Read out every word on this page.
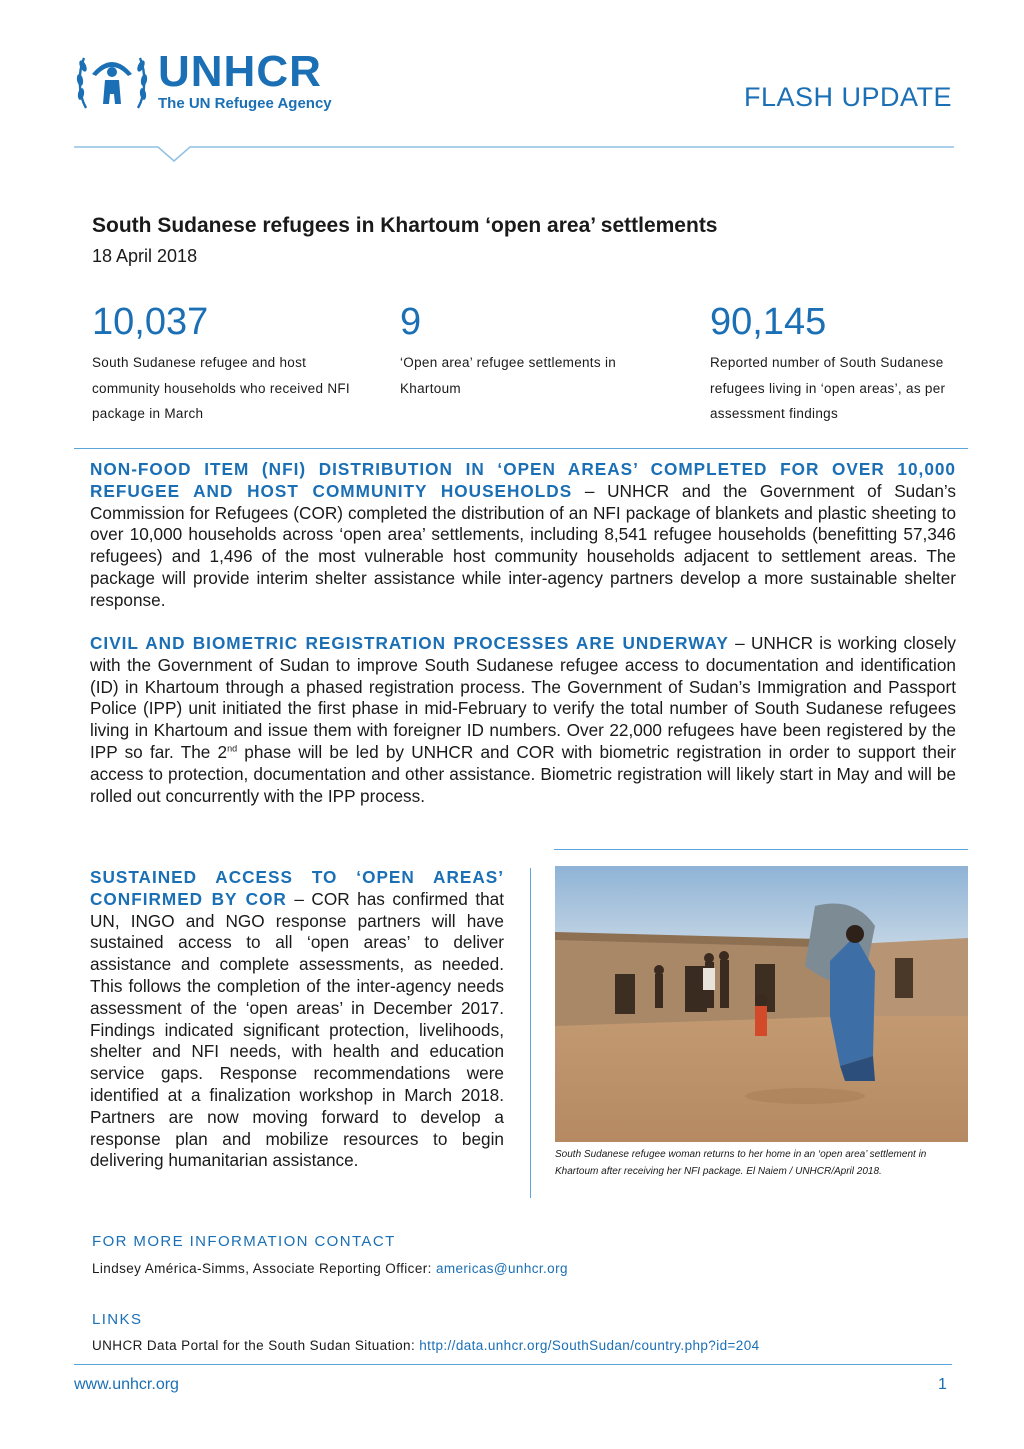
UNHCR
The UN Refugee Agency	FLASH UPDATE
South Sudanese refugees in Khartoum ‘open area’ settlements
18 April 2018
10,037
South Sudanese refugee and host community households who received NFI package in March
9
‘Open area’ refugee settlements in Khartoum
90,145
Reported number of South Sudanese refugees living in ‘open areas’, as per assessment findings
NON-FOOD ITEM (NFI) DISTRIBUTION IN ‘OPEN AREAS’ COMPLETED FOR OVER 10,000 REFUGEE AND HOST COMMUNITY HOUSEHOLDS – UNHCR and the Government of Sudan’s Commission for Refugees (COR) completed the distribution of an NFI package of blankets and plastic sheeting to over 10,000 households across ‘open area’ settlements, including 8,541 refugee households (benefitting 57,346 refugees) and 1,496 of the most vulnerable host community households adjacent to settlement areas. The package will provide interim shelter assistance while inter-agency partners develop a more sustainable shelter response.
CIVIL AND BIOMETRIC REGISTRATION PROCESSES ARE UNDERWAY – UNHCR is working closely with the Government of Sudan to improve South Sudanese refugee access to documentation and identification (ID) in Khartoum through a phased registration process. The Government of Sudan’s Immigration and Passport Police (IPP) unit initiated the first phase in mid-February to verify the total number of South Sudanese refugees living in Khartoum and issue them with foreigner ID numbers. Over 22,000 refugees have been registered by the IPP so far. The 2nd phase will be led by UNHCR and COR with biometric registration in order to support their access to protection, documentation and other assistance. Biometric registration will likely start in May and will be rolled out concurrently with the IPP process.
SUSTAINED ACCESS TO ‘OPEN AREAS’ CONFIRMED BY COR – COR has confirmed that UN, INGO and NGO response partners will have sustained access to all ‘open areas’ to deliver assistance and complete assessments, as needed. This follows the completion of the inter-agency needs assessment of the ‘open areas’ in December 2017. Findings indicated significant protection, livelihoods, shelter and NFI needs, with health and education service gaps. Response recommendations were identified at a finalization workshop in March 2018. Partners are now moving forward to develop a response plan and mobilize resources to begin delivering humanitarian assistance.	South Sudanese refugee woman returns to her home in an ‘open area’ settlement in Khartoum after receiving her NFI package. El Naiem / UNHCR/April 2018.
FOR MORE INFORMATION CONTACT
Lindsey América-Simms, Associate Reporting Officer: americas@unhcr.org
LINKS
UNHCR Data Portal for the South Sudan Situation: http://data.unhcr.org/SouthSudan/country.php?id=204
www.unhcr.org	1
